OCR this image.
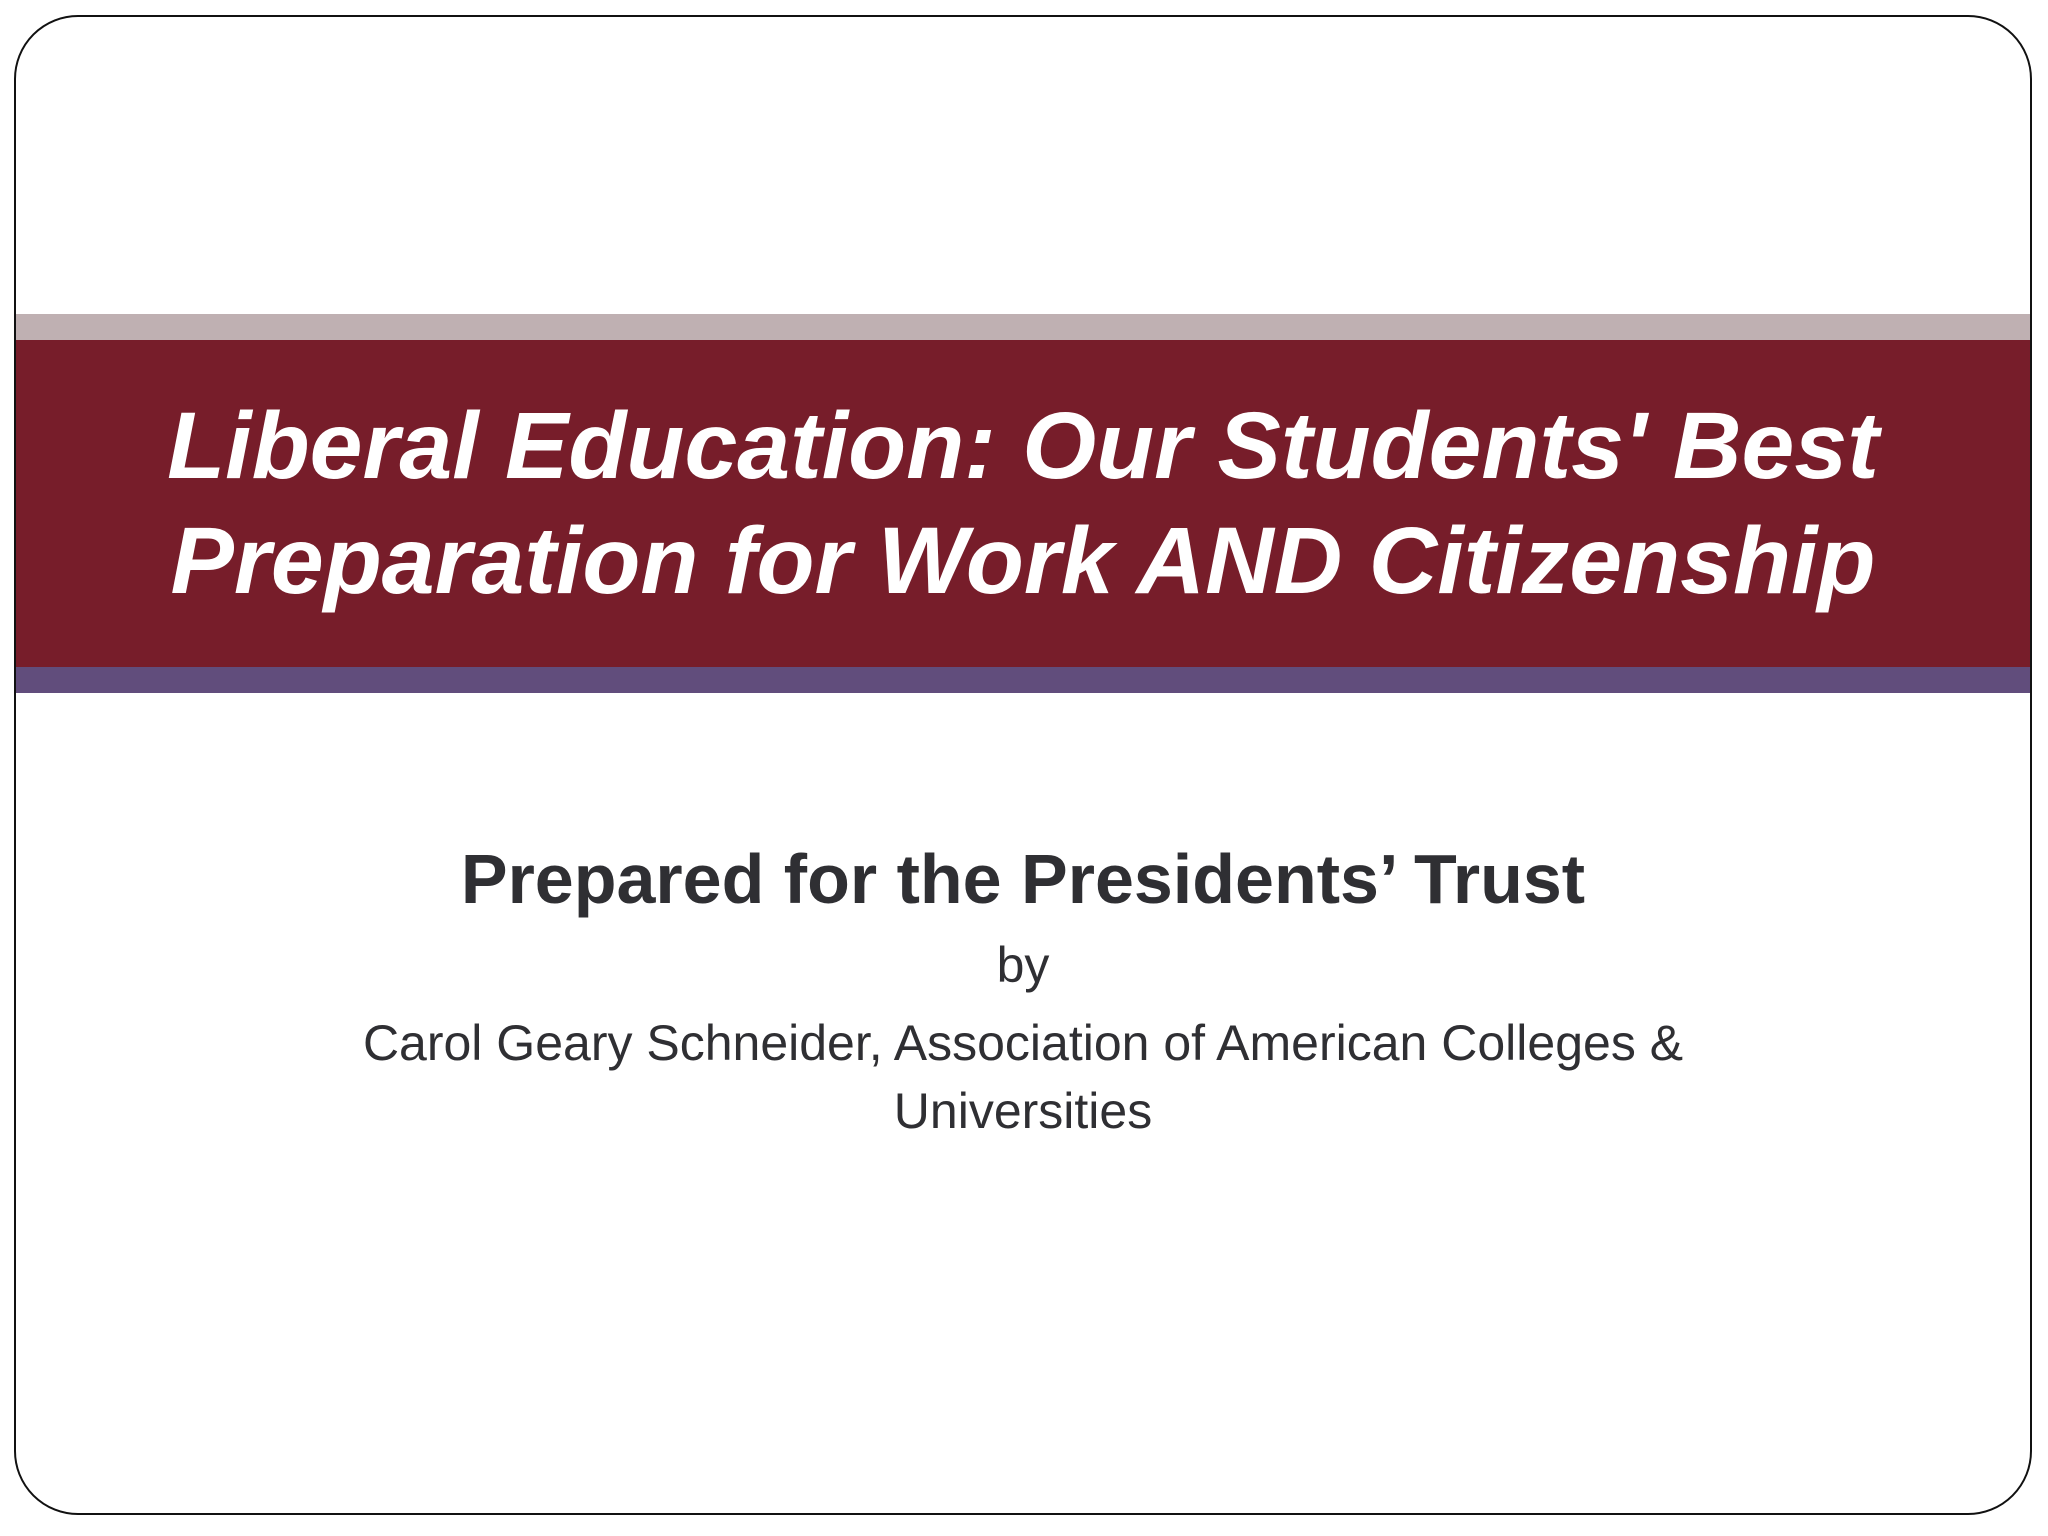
Liberal Education: Our Students' Best
Preparation for Work AND Citizenship

Prepared for the Presidents’ Trust

by

Carol Geary Schneider, Association of American Colleges & Universities
